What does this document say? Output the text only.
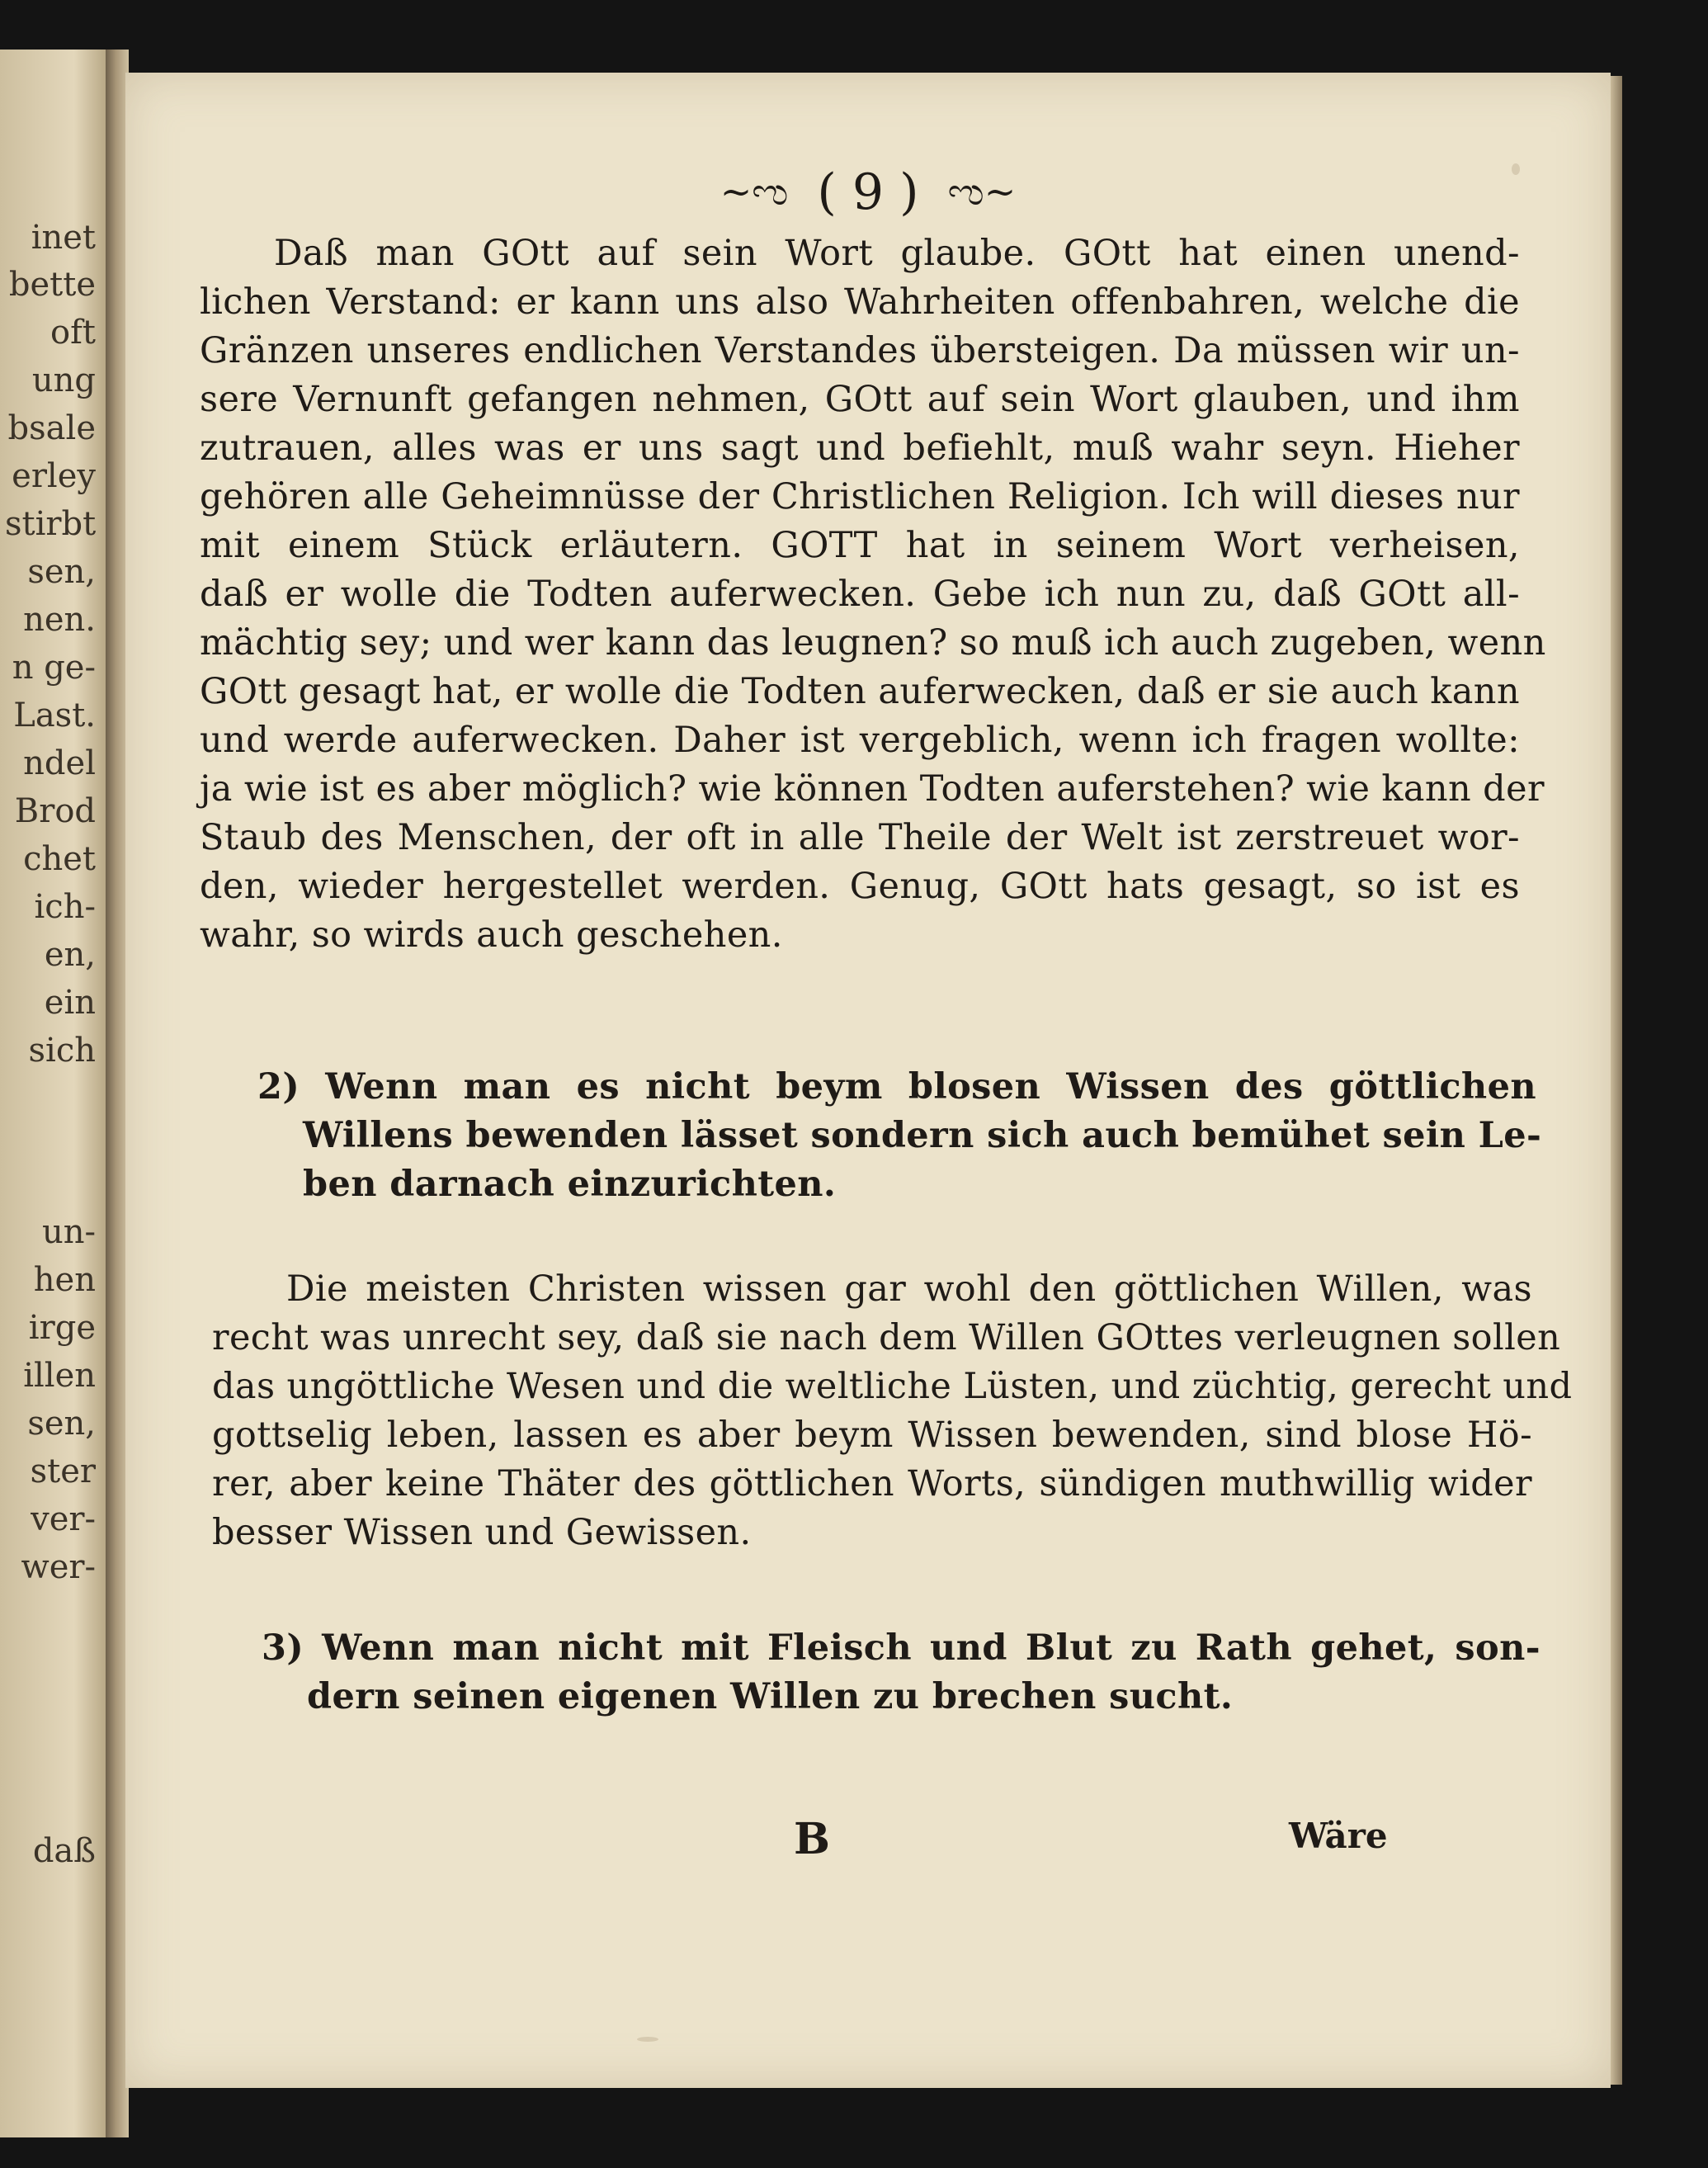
inet
bette
oft
ung
bsale
erley
stirbt
sen,
nen.
n ge-
Last.
ndel
Brod
chet
ich-
en,
ein
sich
un-
hen
irge
illen
sen,
ster
ver-
wer-
daß
~ಌ ( 9 ) ಌ~
Daß man GOtt auf sein Wort glaube. GOtt hat einen unend-
lichen Verstand: er kann uns also Wahrheiten offenbahren, welche die
Gränzen unseres endlichen Verstandes übersteigen. Da müssen wir un-
sere Vernunft gefangen nehmen, GOtt auf sein Wort glauben, und ihm
zutrauen, alles was er uns sagt und befiehlt, muß wahr seyn. Hieher
gehören alle Geheimnüsse der Christlichen Religion. Ich will dieses nur
mit einem Stück erläutern. GOTT hat in seinem Wort verheisen,
daß er wolle die Todten auferwecken. Gebe ich nun zu, daß GOtt all-
mächtig sey; und wer kann das leugnen? so muß ich auch zugeben, wenn
GOtt gesagt hat, er wolle die Todten auferwecken, daß er sie auch kann
und werde auferwecken. Daher ist vergeblich, wenn ich fragen wollte:
ja wie ist es aber möglich? wie können Todten auferstehen? wie kann der
Staub des Menschen, der oft in alle Theile der Welt ist zerstreuet wor-
den, wieder hergestellet werden. Genug, GOtt hats gesagt, so ist es
wahr, so wirds auch geschehen.
2) Wenn man es nicht beym blosen Wissen des göttlichen
Willens bewenden lässet sondern sich auch bemühet sein Le-
ben darnach einzurichten.
Die meisten Christen wissen gar wohl den göttlichen Willen, was
recht was unrecht sey, daß sie nach dem Willen GOttes verleugnen sollen
das ungöttliche Wesen und die weltliche Lüsten, und züchtig, gerecht und
gottselig leben, lassen es aber beym Wissen bewenden, sind blose Hö-
rer, aber keine Thäter des göttlichen Worts, sündigen muthwillig wider
besser Wissen und Gewissen.
3) Wenn man nicht mit Fleisch und Blut zu Rath gehet, son-
dern seinen eigenen Willen zu brechen sucht.
B	Wäre
